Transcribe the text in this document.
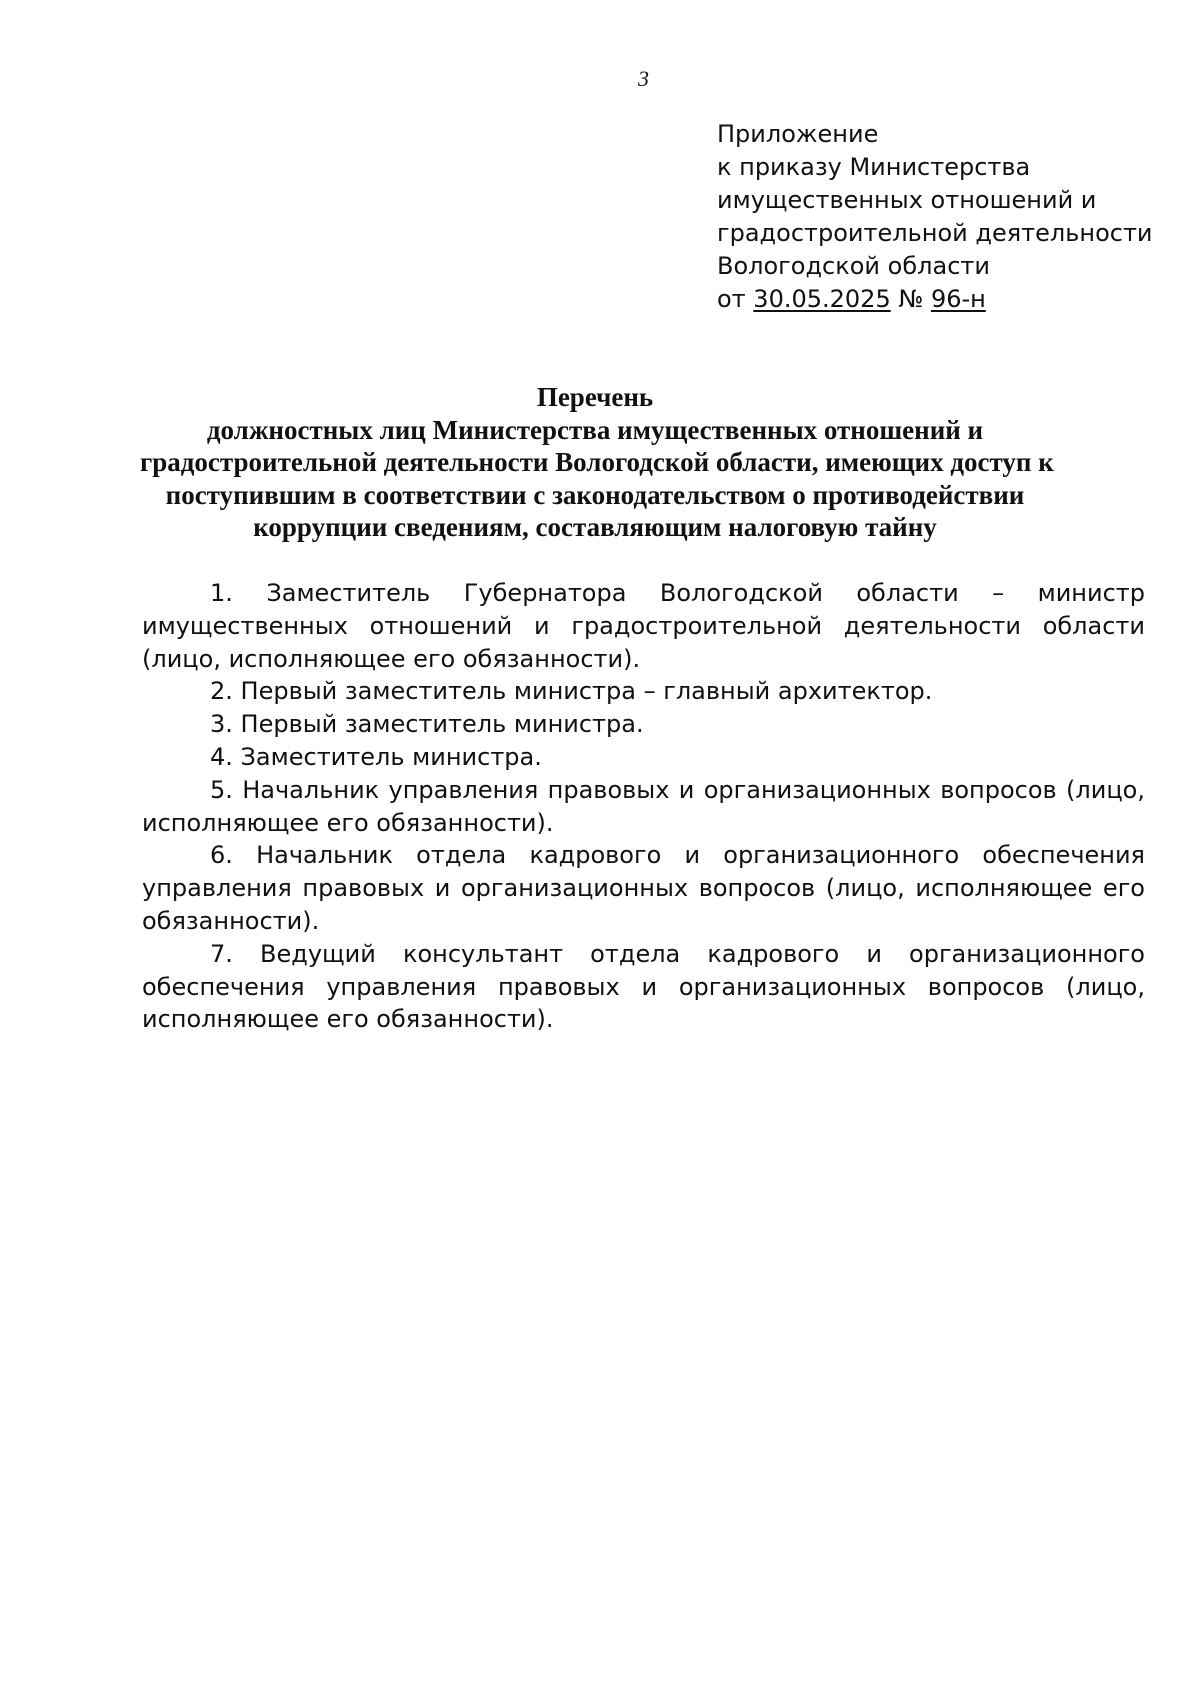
3
Приложение
к приказу Министерства
имущественных отношений и
градостроительной деятельности
Вологодской области
от 30.05.2025 № 96-н
Перечень
должностных лиц Министерства имущественных отношений и
градостроительной деятельности Вологодской области, имеющих доступ к
поступившим в соответствии с законодательством о противодействии
коррупции сведениям, составляющим налоговую тайну

1. Заместитель Губернатора Вологодской области – министр
имущественных отношений и градостроительной деятельности области (лицо, исполняющее его обязанности).

2. Первый заместитель министра – главный архитектор.

3. Первый заместитель министра.

4. Заместитель министра.

5. Начальник управления правовых и организационных вопросов (лицо, исполняющее его обязанности).

6. Начальник отдела кадрового и организационного обеспечения управления правовых и организационных вопросов (лицо, исполняющее его обязанности).

7. Ведущий консультант отдела кадрового и организационного обеспечения управления правовых и организационных вопросов (лицо, исполняющее его обязанности).
